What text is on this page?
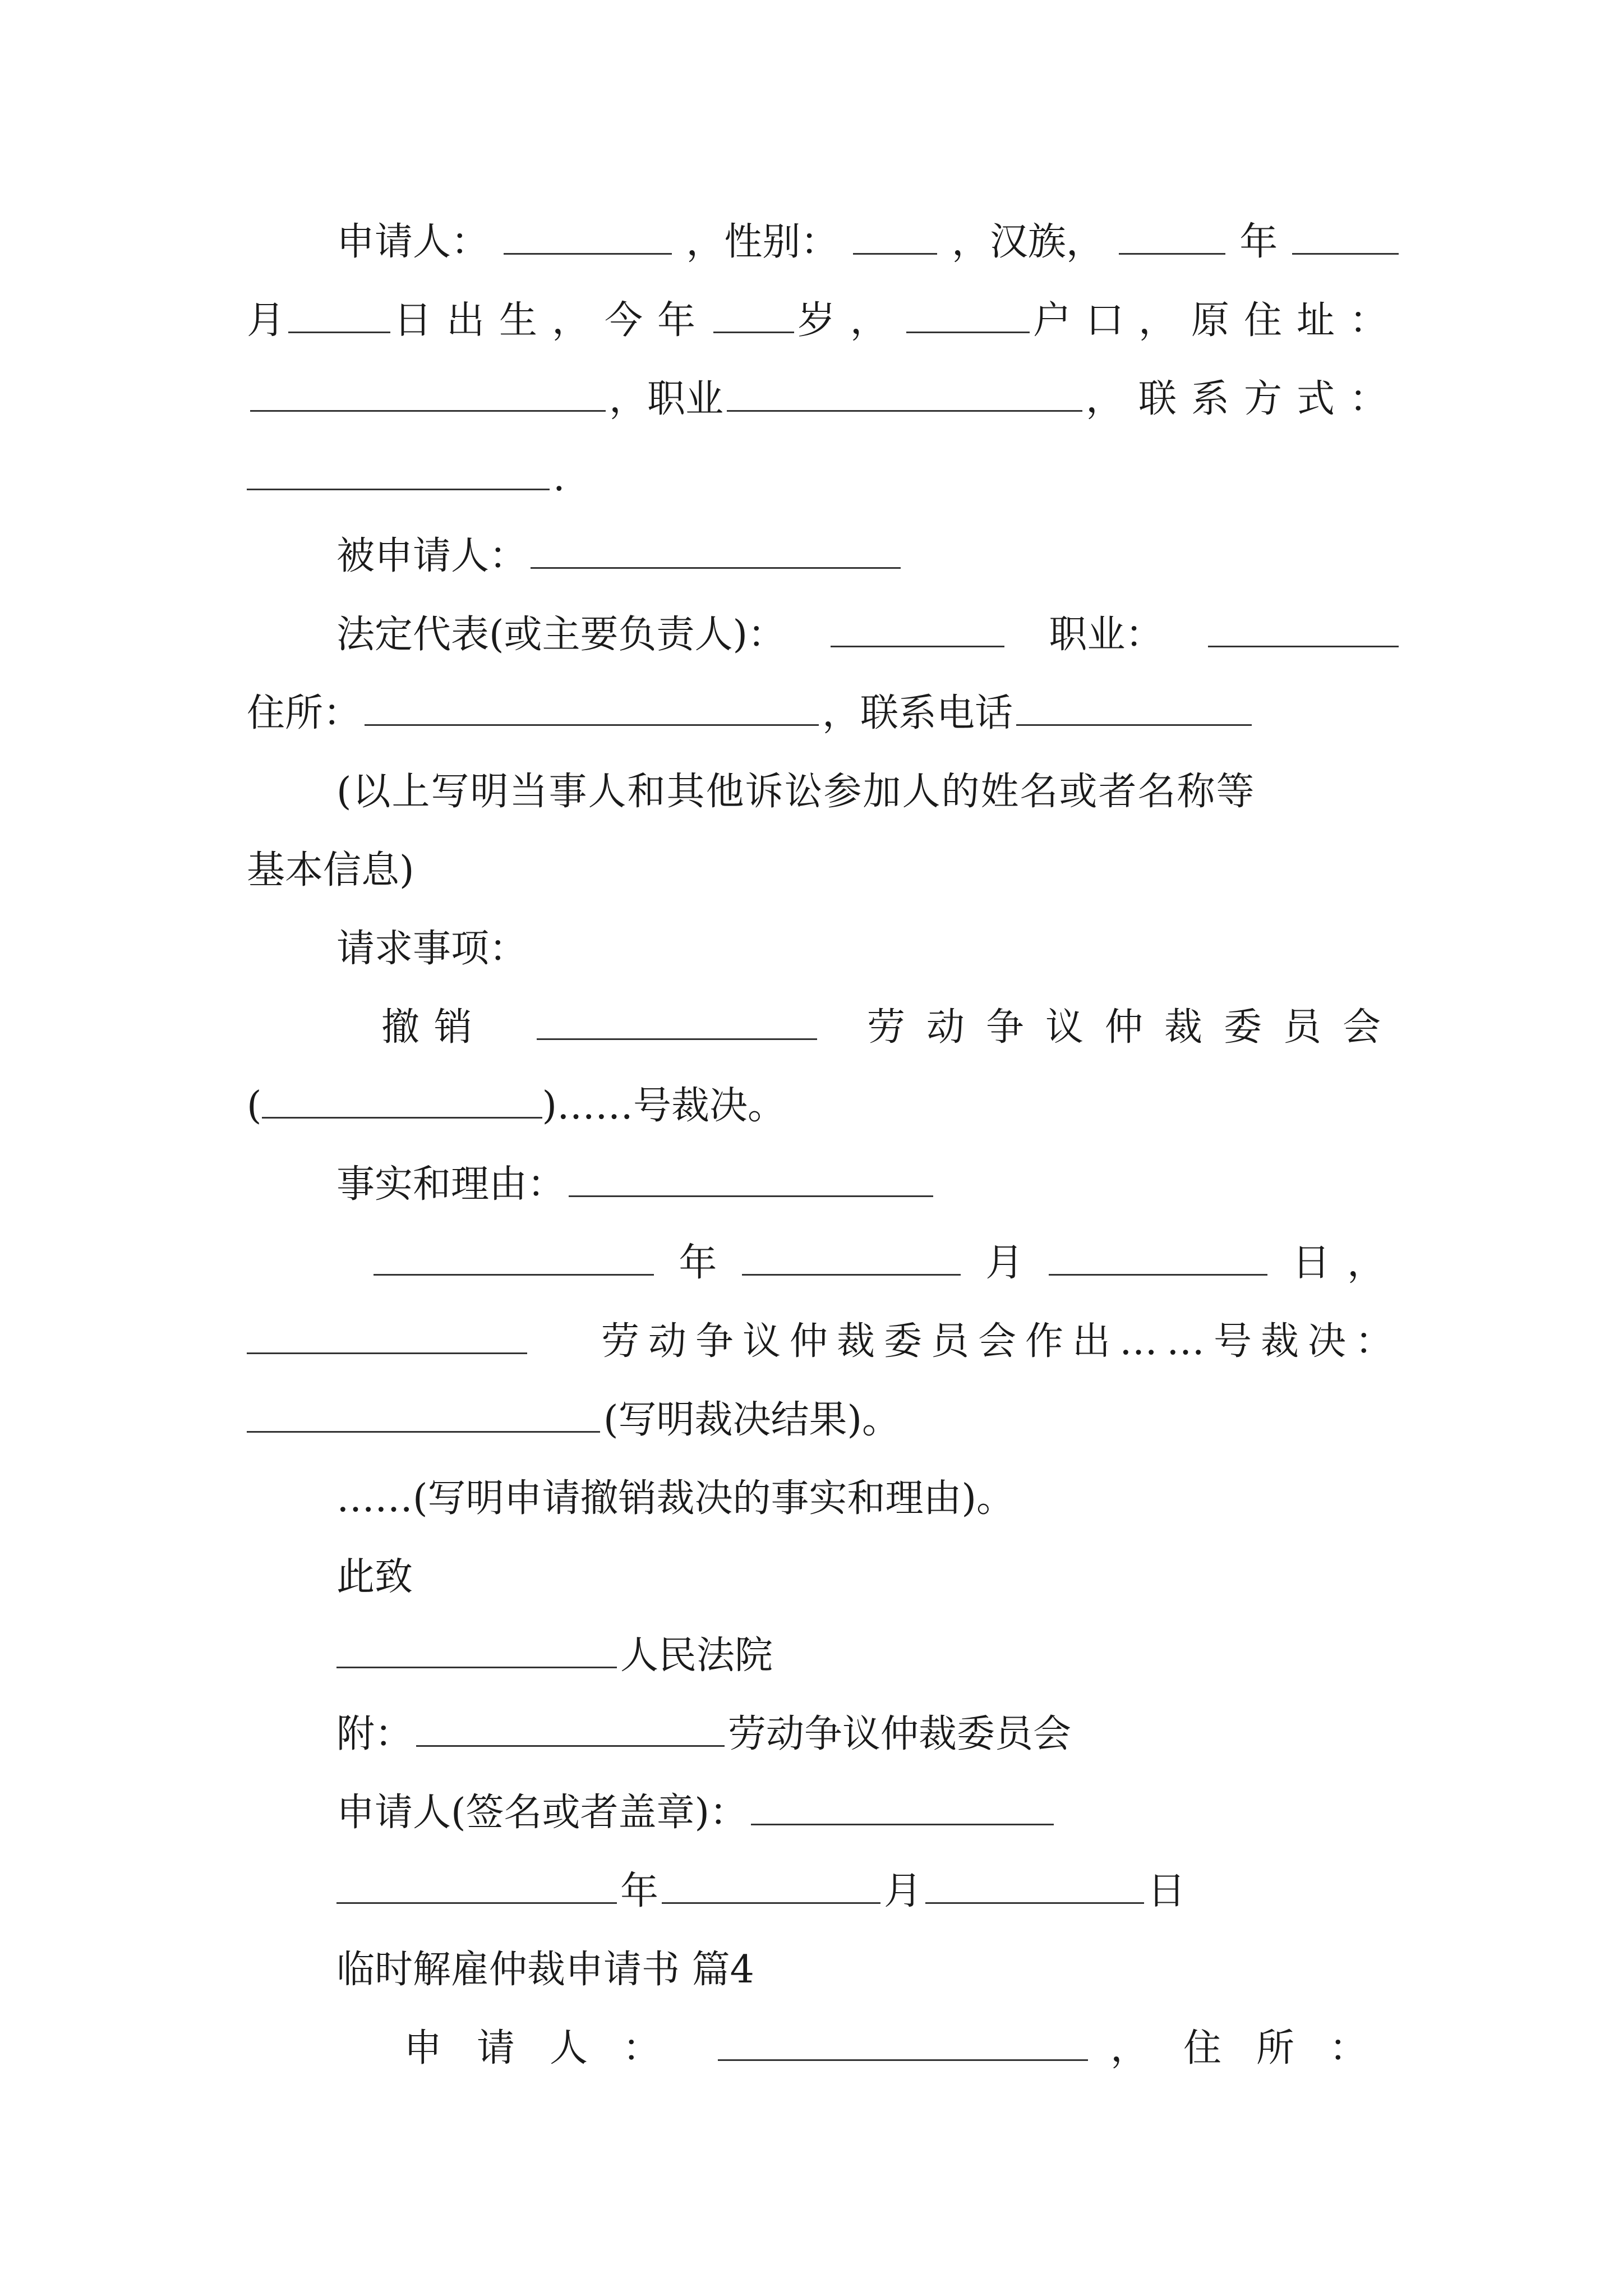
申请人：	，性别：	，汉族，	年
月	日出生，今年 岁，	户口，原住址：
，职业	，联系方式：
.
被申请人：
法定代表(或主要负责人)：	职业：
住所：	，联系电话
(以上写明当事人和其他诉讼参加人的姓名或者名称等
基本信息)
请求事项：
撤销	劳动争议仲裁委员会
(	)……号裁决。
事实和理由：
年	月	日，
劳动争议仲裁委员会作出……号裁决：
(写明裁决结果)。
……(写明申请撤销裁决的事实和理由)。
此致
人民法院
附：	劳动争议仲裁委员会
申请人(签名或者盖章)：
年	月	日
临时解雇仲裁申请书 篇4
申请人：	，住所：
